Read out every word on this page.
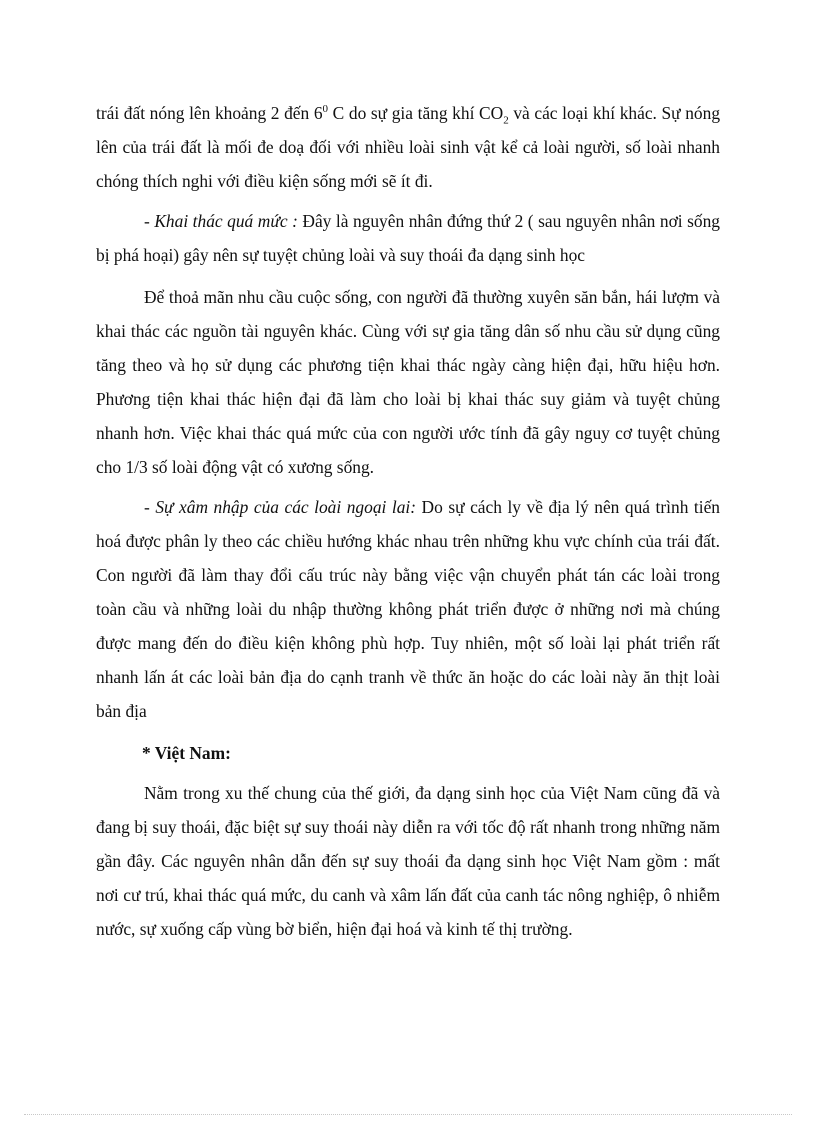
trái đất nóng lên khoảng 2 đến $6^0$ C do sự gia tăng khí $CO_2$ và các loại khí khác. Sự nóng lên của trái đất là mối đe doạ đối với nhiều loài sinh vật kể cả loài người, số loài nhanh chóng thích nghi với điều kiện sống mới sẽ ít đi.

- Khai thác quá mức : Đây là nguyên nhân đứng thứ 2 ( sau nguyên nhân nơi sống bị phá hoại) gây nên sự tuyệt chủng loài và suy thoái đa dạng sinh học

Để thoả mãn nhu cầu cuộc sống, con người đã thường xuyên săn bắn, hái lượm và khai thác các nguồn tài nguyên khác. Cùng với sự gia tăng dân số nhu cầu sử dụng cũng tăng theo và họ sử dụng các phương tiện khai thác ngày càng hiện đại, hữu hiệu hơn. Phương tiện khai thác hiện đại đã làm cho loài bị khai thác suy giảm và tuyệt chủng nhanh hơn. Việc khai thác quá mức của con người ước tính đã gây nguy cơ tuyệt chủng cho 1/3 số loài động vật có xương sống.

- Sự xâm nhập của các loài ngoại lai: Do sự cách ly về địa lý nên quá trình tiến hoá được phân ly theo các chiều hướng khác nhau trên những khu vực chính của trái đất. Con người đã làm thay đổi cấu trúc này bằng việc vận chuyển phát tán các loài trong toàn cầu và những loài du nhập thường không phát triển được ở những nơi mà chúng được mang đến do điều kiện không phù hợp. Tuy nhiên, một số loài lại phát triển rất nhanh lấn át các loài bản địa do cạnh tranh về thức ăn hoặc do các loài này ăn thịt loài bản địa

* Việt Nam:

Nằm trong xu thế chung của thế giới, đa dạng sinh học của Việt Nam cũng đã và đang bị suy thoái, đặc biệt sự suy thoái này diễn ra với tốc độ rất nhanh trong những năm gần đây. Các nguyên nhân dẫn đến sự suy thoái đa dạng sinh học Việt Nam gồm : mất nơi cư trú, khai thác quá mức, du canh và xâm lấn đất của canh tác nông nghiệp, ô nhiễm nước, sự xuống cấp vùng bờ biển, hiện đại hoá và kinh tế thị trường.
